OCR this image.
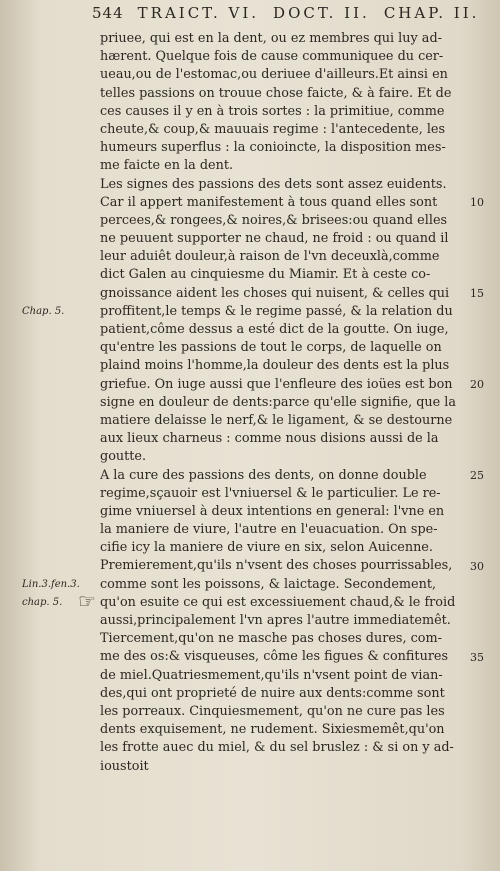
544 TRAICT. VI. DOCT. II. CHAP. II.
priuee, qui est en la dent, ou ez membres qui luy ad-
hærent. Quelque fois de cause communiquee du cer-
ueau,ou de l'estomac,ou deriuee d'ailleurs.Et ainsi en
telles passions on trouue chose faicte, & à faire. Et de
ces causes il y en à trois sortes : la primitiue, comme
cheute,& coup,& mauuais regime : l'antecedente, les
humeurs superflus : la conioincte, la disposition mes-
me faicte en la dent.
Les signes des passions des dets sont assez euidents.
Car il appert manifestement à tous quand elles sont
percees,& rongees,& noires,& brisees:ou quand elles
ne peuuent supporter ne chaud, ne froid : ou quand il
leur aduiêt douleur,à raison de l'vn deceuxlà,comme
dict Galen au cinquiesme du Miamir. Et à ceste co-
gnoissance aident les choses qui nuisent, & celles qui
proffitent,le temps & le regime passé, & la relation du
patient,côme dessus a esté dict de la goutte. On iuge,
qu'entre les passions de tout le corps, de laquelle on
plaind moins l'homme,la douleur des dents est la plus
griefue. On iuge aussi que l'enfleure des ioües est bon
signe en douleur de dents:parce qu'elle signifie, que la
matiere delaisse le nerf,& le ligament, & se destourne
aux lieux charneus : comme nous disions aussi de la
goutte.
A la cure des passions des dents, on donne double
regime,sçauoir est l'vniuersel & le particulier. Le re-
gime vniuersel à deux intentions en general: l'vne en
la maniere de viure, l'autre en l'euacuation. On spe-
cifie icy la maniere de viure en six, selon Auicenne.
Premierement,qu'ils n'vsent des choses pourrissables,
comme sont les poissons, & laictage. Secondement,
qu'on esuite ce qui est excessiuement chaud,& le froid
aussi,principalement l'vn apres l'autre immediatemêt.
Tiercement,qu'on ne masche pas choses dures, com-
me des os:& visqueuses, côme les figues & confitures
de miel.Quatriesmement,qu'ils n'vsent point de vian-
des,qui ont proprieté de nuire aux dents:comme sont
les porreaux. Cinquiesmement, qu'on ne cure pas les
dents exquisement, ne rudement. Sixiesmemêt,qu'on
les frotte auec du miel, & du sel bruslez : & si on y ad-
ioustoit
Chap. 5.
Lin.3.fen.3.
chap. 5.
10
15
20
25
30
35
☞
